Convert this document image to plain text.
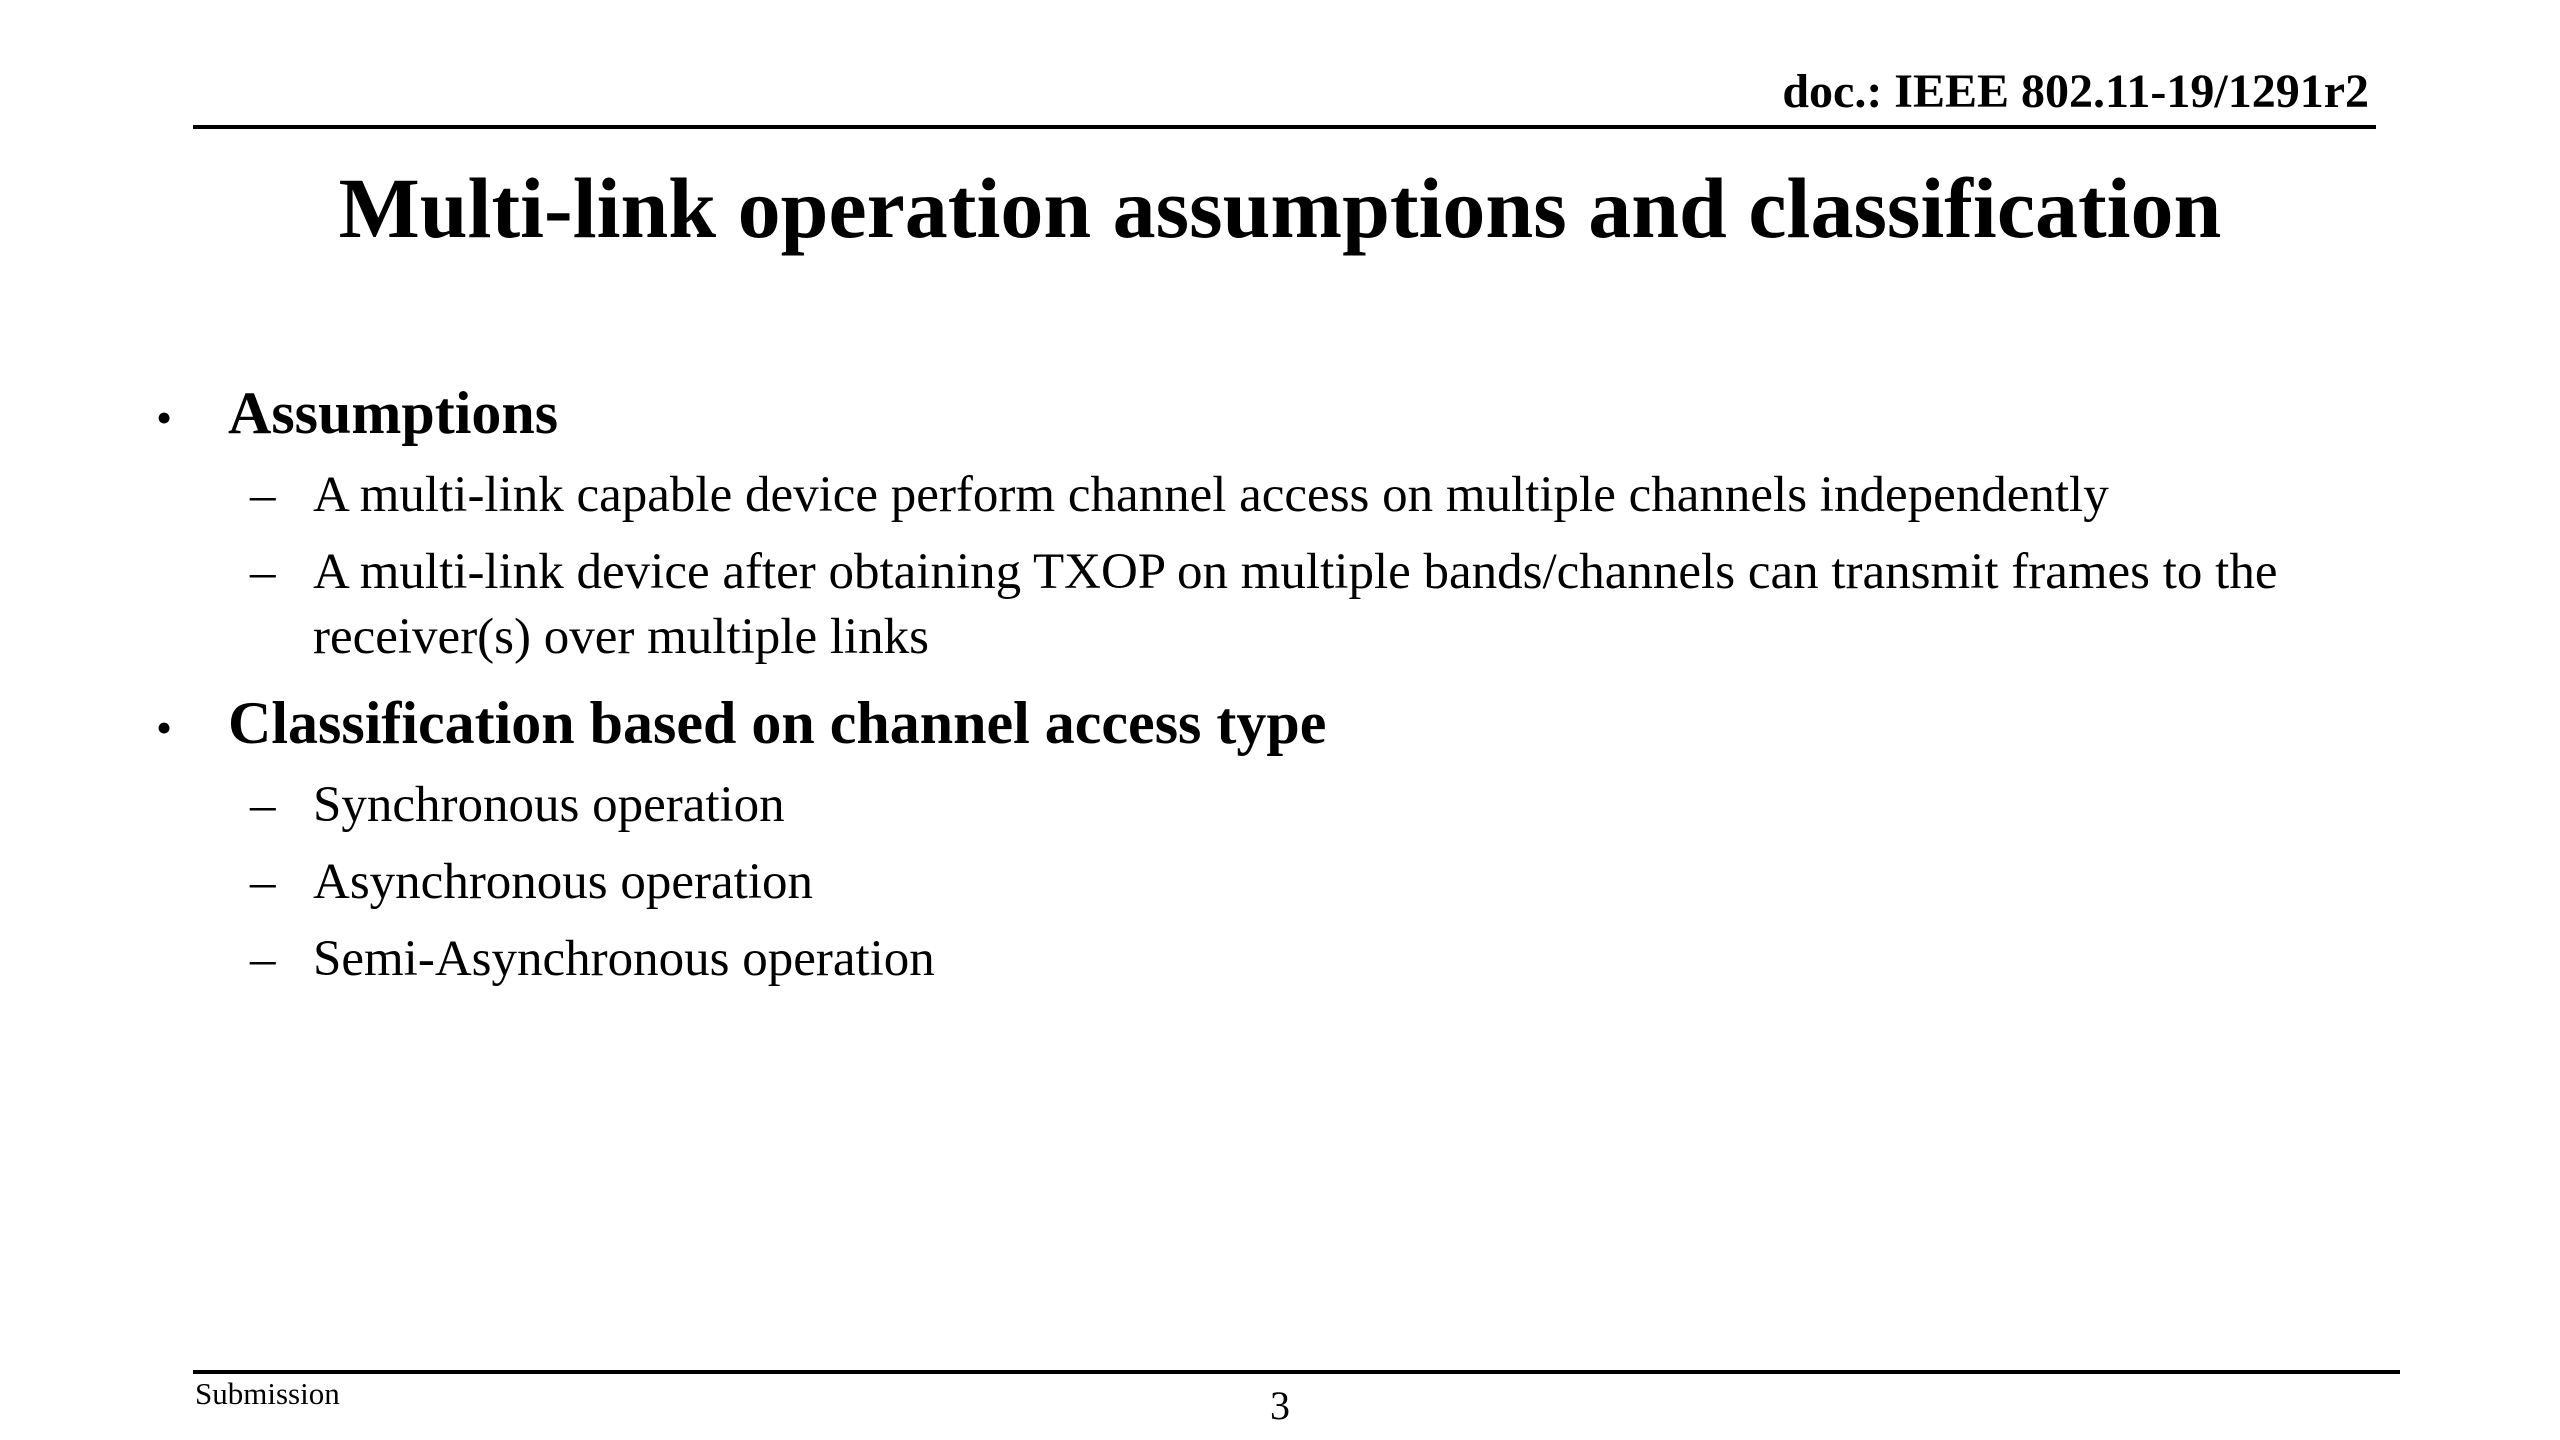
doc.: IEEE 802.11-19/1291r2
Multi-link operation assumptions and classification
• Assumptions
– A multi-link capable device perform channel access on multiple channels independently
– A multi-link device after obtaining TXOP on multiple bands/channels can transmit frames to the receiver(s) over multiple links
• Classification based on channel access type
– Synchronous operation
– Asynchronous operation
– Semi-Asynchronous operation
Submission	3
